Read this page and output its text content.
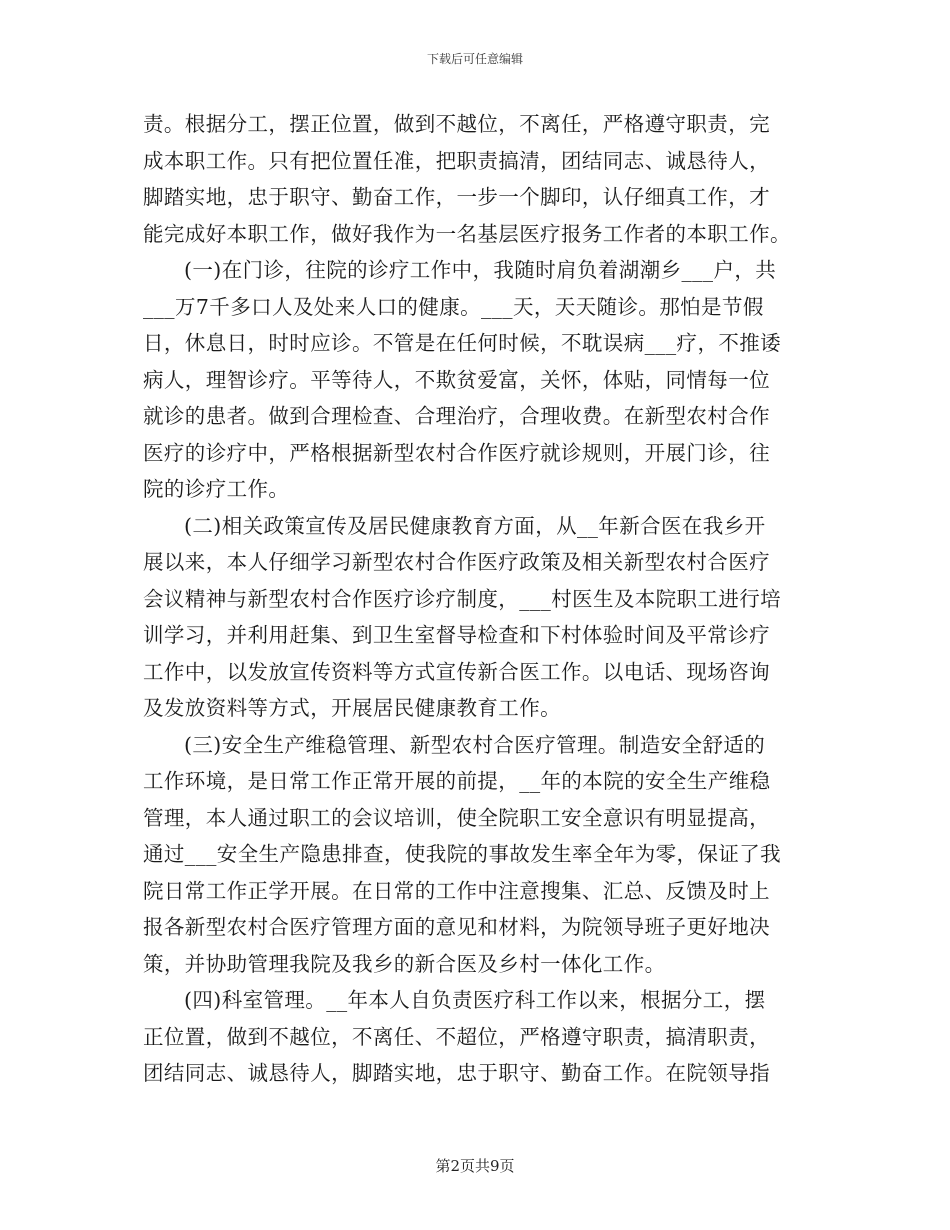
下载后可任意编辑
责。根据分工，摆正位置，做到不越位，不离任，严格遵守职责，完
成本职工作。只有把位置任准，把职责搞清，团结同志、诚恳待人，
脚踏实地，忠于职守、勤奋工作，一步一个脚印，认仔细真工作，才
能完成好本职工作，做好我作为一名基层医疗报务工作者的本职工作。
(一)在门诊，往院的诊疗工作中，我随时肩负着湖潮乡___户，共
___万7千多口人及处来人口的健康。___天，天天随诊。那怕是节假
日，休息日，时时应诊。不管是在任何时候，不耽误病___疗，不推诿
病人，理智诊疗。平等待人，不欺贫爱富，关怀，体贴，同情每一位
就诊的患者。做到合理检查、合理治疗，合理收费。在新型农村合作
医疗的诊疗中，严格根据新型农村合作医疗就诊规则，开展门诊，往
院的诊疗工作。
(二)相关政策宣传及居民健康教育方面，从__年新合医在我乡开
展以来，本人仔细学习新型农村合作医疗政策及相关新型农村合医疗
会议精神与新型农村合作医疗诊疗制度，___村医生及本院职工进行培
训学习，并利用赶集、到卫生室督导检查和下村体验时间及平常诊疗
工作中，以发放宣传资料等方式宣传新合医工作。以电话、现场咨询
及发放资料等方式，开展居民健康教育工作。
(三)安全生产维稳管理、新型农村合医疗管理。制造安全舒适的
工作环境，是日常工作正常开展的前提，__年的本院的安全生产维稳
管理，本人通过职工的会议培训，使全院职工安全意识有明显提高，
通过___安全生产隐患排查，使我院的事故发生率全年为零，保证了我
院日常工作正学开展。在日常的工作中注意搜集、汇总、反馈及时上
报各新型农村合医疗管理方面的意见和材料，为院领导班子更好地决
策，并协助管理我院及我乡的新合医及乡村一体化工作。
(四)科室管理。__年本人自负责医疗科工作以来，根据分工，摆
正位置，做到不越位，不离任、不超位，严格遵守职责，搞清职责，
团结同志、诚恳待人，脚踏实地，忠于职守、勤奋工作。在院领导指
第2页共9页
